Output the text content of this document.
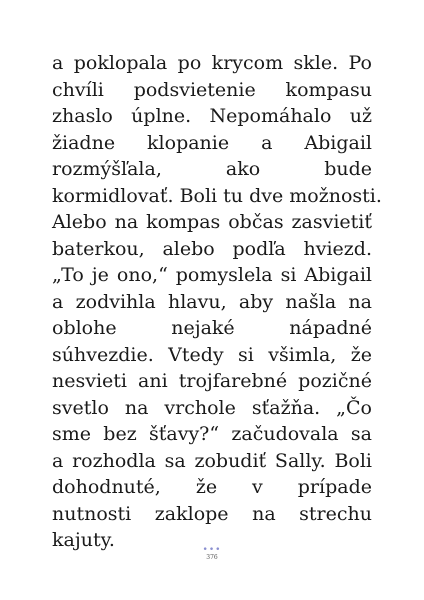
a poklopala po krycom skle. Po
chvíli podsvietenie kompasu
zhaslo úplne. Nepomáhalo už
žiadne klopanie a Abigail
rozmýšľala, ako bude
kormidlovať. Boli tu dve možnosti.
Alebo na kompas občas zasvietiť
baterkou, alebo podľa hviezd.
„To je ono,“ pomyslela si Abigail
a zodvihla hlavu, aby našla na
oblohe nejaké nápadné
súhvezdie. Vtedy si všimla, že
nesvieti ani trojfarebné pozičné
svetlo na vrchole sťažňa. „Čo
sme bez šťavy?“ začudovala sa
a rozhodla sa zobudiť Sally. Boli
dohodnuté, že v prípade
nutnosti zaklope na strechu
kajuty.	•••
376
